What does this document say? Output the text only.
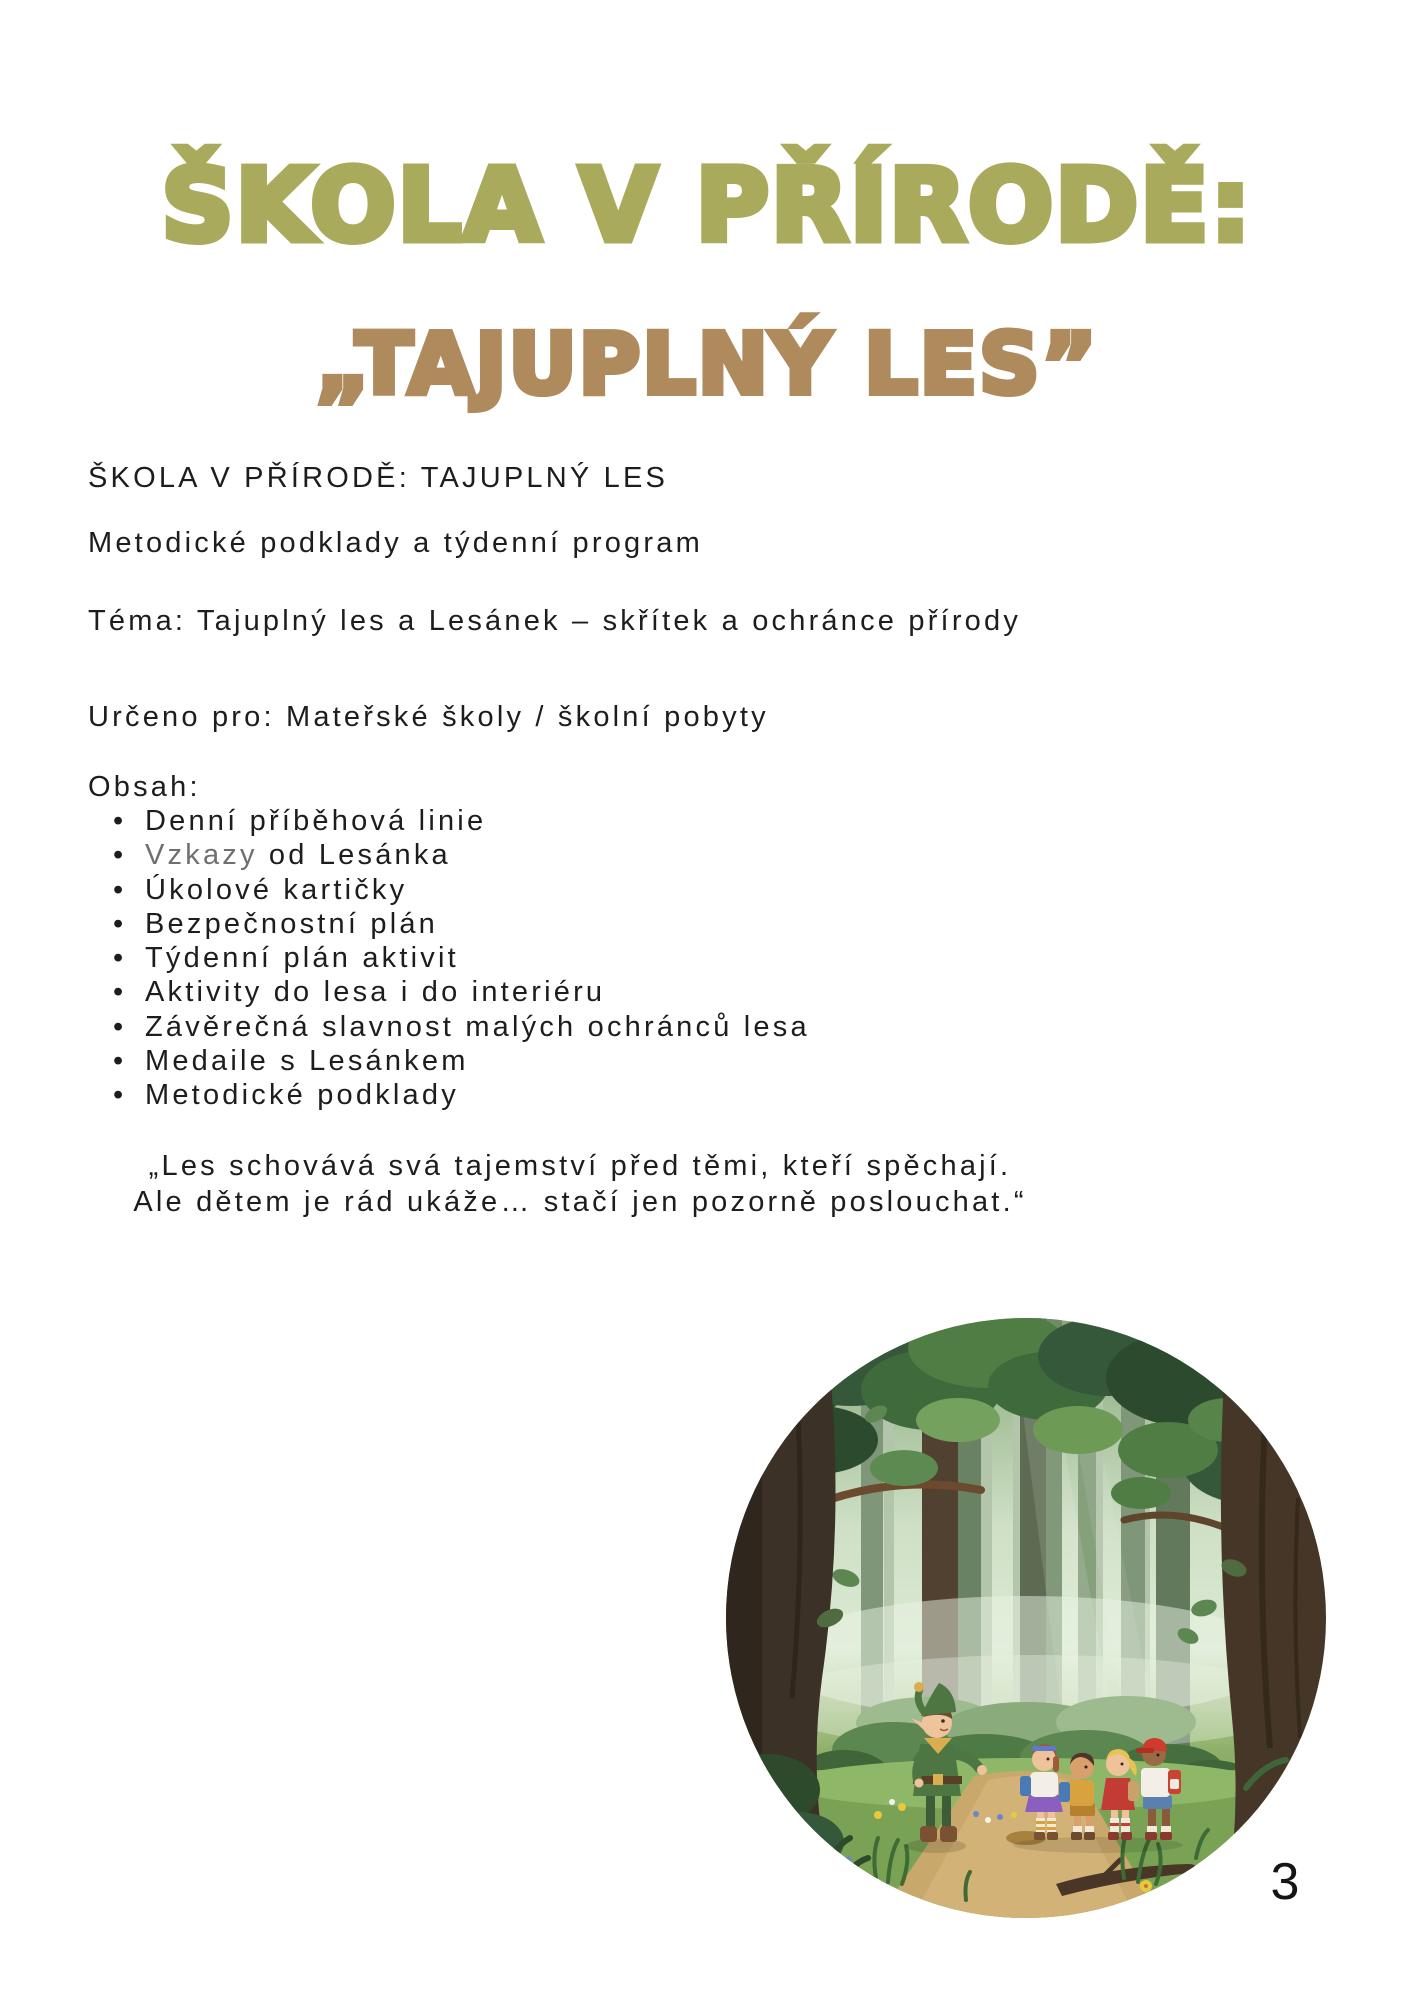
ŠKOLA V PŘÍRODĚ:
„TAJUPLNÝ LES”

ŠKOLA V PŘÍRODĚ: TAJUPLNÝ LES

Metodické podklady a týdenní program

Téma: Tajuplný les a Lesánek – skřítek a ochránce přírody

Určeno pro: Mateřské školy / školní pobyty

Obsah:

• Denní příběhová linie
• Vzkazy od Lesánka
• Úkolové kartičky
• Bezpečnostní plán
• Týdenní plán aktivit
• Aktivity do lesa i do interiéru
• Závěrečná slavnost malých ochránců lesa
• Medaile s Lesánkem
• Metodické podklady

„Les schovává svá tajemství před těmi, kteří spěchají.
Ale dětem je rád ukáže… stačí jen pozorně poslouchat.“

3
